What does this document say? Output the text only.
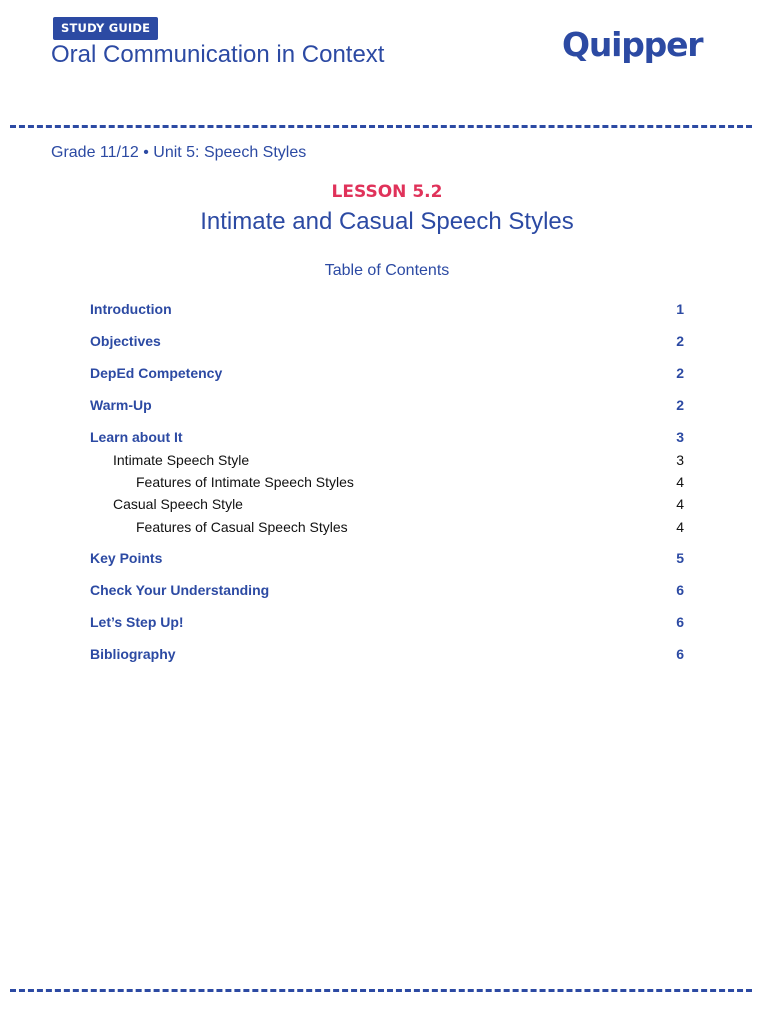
STUDY GUIDE
Oral Communication in Context	Quipper
Grade 11/12 • Unit 5: Speech Styles
LESSON 5.2
Intimate and Casual Speech Styles
Table of Contents
Introduction	1
Objectives	2
DepEd Competency	2
Warm-Up	2
Learn about It	3
Intimate Speech Style	3
Features of Intimate Speech Styles	4
Casual Speech Style	4
Features of Casual Speech Styles	4
Key Points	5
Check Your Understanding	6
Let’s Step Up!	6
Bibliography	6
